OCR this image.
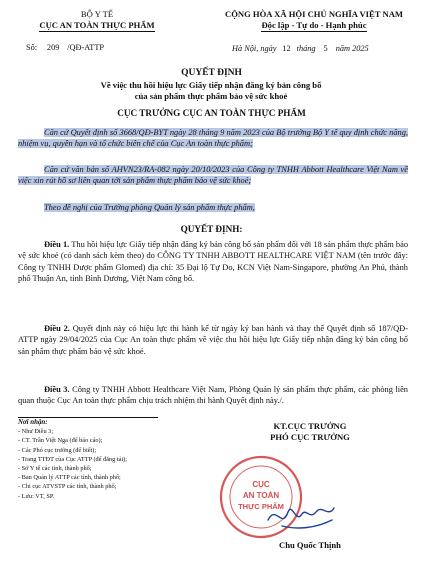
BỘ Y TẾ
CỤC AN TOÀN THỰC PHẨM
CỘNG HÒA XÃ HỘI CHỦ NGHĨA VIỆT NAM
Độc lập - Tự do - Hạnh phúc
Số: 209 /QĐ-ATTP	Hà Nội, ngày 12 tháng 5 năm 2025
QUYẾT ĐỊNH
Về việc thu hồi hiệu lực Giấy tiếp nhận đăng ký bản công bố
của sản phẩm thực phẩm bảo vệ sức khoẻ
CỤC TRƯỞNG CỤC AN TOÀN THỰC PHẨM
Căn cứ Quyết định số 3668/QĐ-BYT ngày 28 tháng 9 năm 2023 của Bộ trưởng Bộ Y tế quy định chức năng, nhiệm vụ, quyền hạn và tổ chức biên chế của Cục An toàn thực phẩm;
Căn cứ văn bản số AHVN23/RA-082 ngày 20/10/2023 của Công ty TNHH Abbott Healthcare Việt Nam về việc xin rút hồ sơ liên quan tới sản phẩm thực phẩm bảo vệ sức khoẻ;
Theo đề nghị của Trưởng phòng Quản lý sản phẩm thực phẩm,
QUYẾT ĐỊNH:
Điều 1. Thu hồi hiệu lực Giấy tiếp nhận đăng ký bản công bố sản phẩm đối với 18 sản phẩm thực phẩm bảo vệ sức khoẻ (có danh sách kèm theo) do CÔNG TY TNHH ABBOTT HEALTHCARE VIỆT NAM (tên trước đây: Công ty TNHH Dược phẩm Glomed) địa chỉ: 35 Đại lộ Tự Do, KCN Việt Nam-Singapore, phường An Phú, thành phố Thuận An, tỉnh Bình Dương, Việt Nam công bố.
Điều 2. Quyết định này có hiệu lực thi hành kể từ ngày ký ban hành và thay thế Quyết định số 187/QĐ-ATTP ngày 29/04/2025 của Cục An toàn thực phẩm về việc thu hồi hiệu lực Giấy tiếp nhận đăng ký bản công bố sản phẩm thực phẩm bảo vệ sức khoẻ.
Điều 3. Công ty TNHH Abbott Healthcare Việt Nam, Phòng Quản lý sản phẩm thực phẩm, các phòng liên quan thuộc Cục An toàn thực phẩm chịu trách nhiệm thi hành Quyết định này./.
Nơi nhận:
- Như Điều 3;
- CT. Trần Việt Nga (để báo cáo);
- Các Phó cục trưởng (để biết);
- Trang TTĐT của Cục ATTP (để đăng tải);
- Sở Y tế các tỉnh, thành phố;
- Ban Quản lý ATTP các tỉnh, thành phố;
- Chi cục ATVSTP các tỉnh, thành phố;
- Lưu: VT, SP.
KT.CỤC TRƯỞNG
PHÓ CỤC TRƯỞNG
CỤC
AN TOÀN
THỰC PHẨM
Chu Quốc Thịnh
